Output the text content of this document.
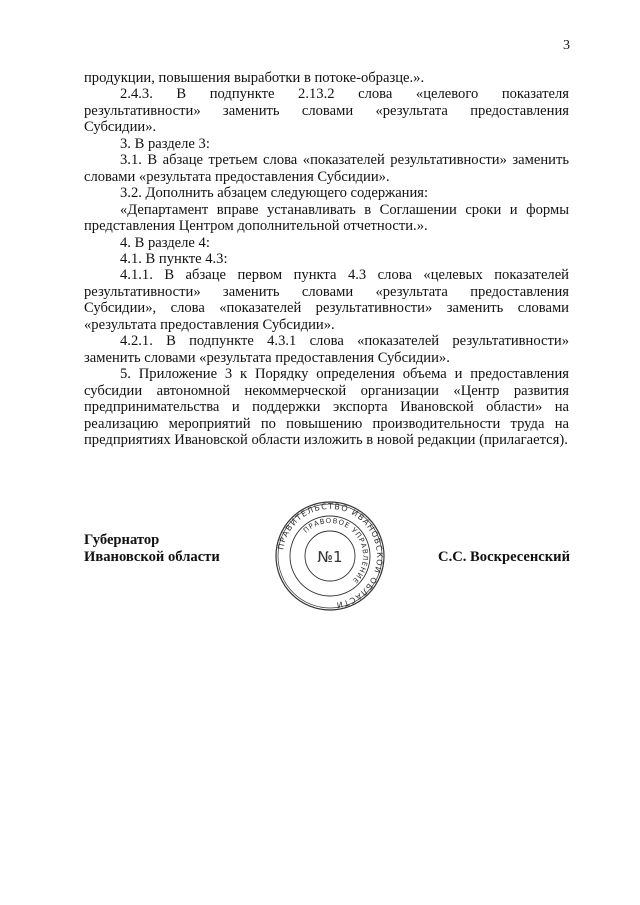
3

продукции, повышения выработки в потоке-образце.».

2.4.3. В подпункте 2.13.2 слова «целевого показателя результативности» заменить словами «результата предоставления Субсидии».

3. В разделе 3:

3.1. В абзаце третьем слова «показателей результативности» заменить словами «результата предоставления Субсидии».

3.2. Дополнить абзацем следующего содержания:

«Департамент вправе устанавливать в Соглашении сроки и формы представления Центром дополнительной отчетности.».

4. В разделе 4:

4.1. В пункте 4.3:

4.1.1. В абзаце первом пункта 4.3 слова «целевых показателей результативности» заменить словами «результата предоставления Субсидии», слова «показателей результативности» заменить словами «результата предоставления Субсидии».

4.2.1. В подпункте 4.3.1 слова «показателей результативности» заменить словами «результата предоставления Субсидии».

5. Приложение 3 к Порядку определения объема и предоставления субсидии автономной некоммерческой организации «Центр развития предпринимательства и поддержки экспорта Ивановской области» на реализацию мероприятий по повышению производительности труда на предприятиях Ивановской области изложить в новой редакции (прилагается).

Губернатор
Ивановской области	С.С. Воскресенский
ПРАВИТЕЛЬСТВО ИВАНОВСКОЙ ОБЛАСТИ
ПРАВОВОЕ УПРАВЛЕНИЕ
№1
